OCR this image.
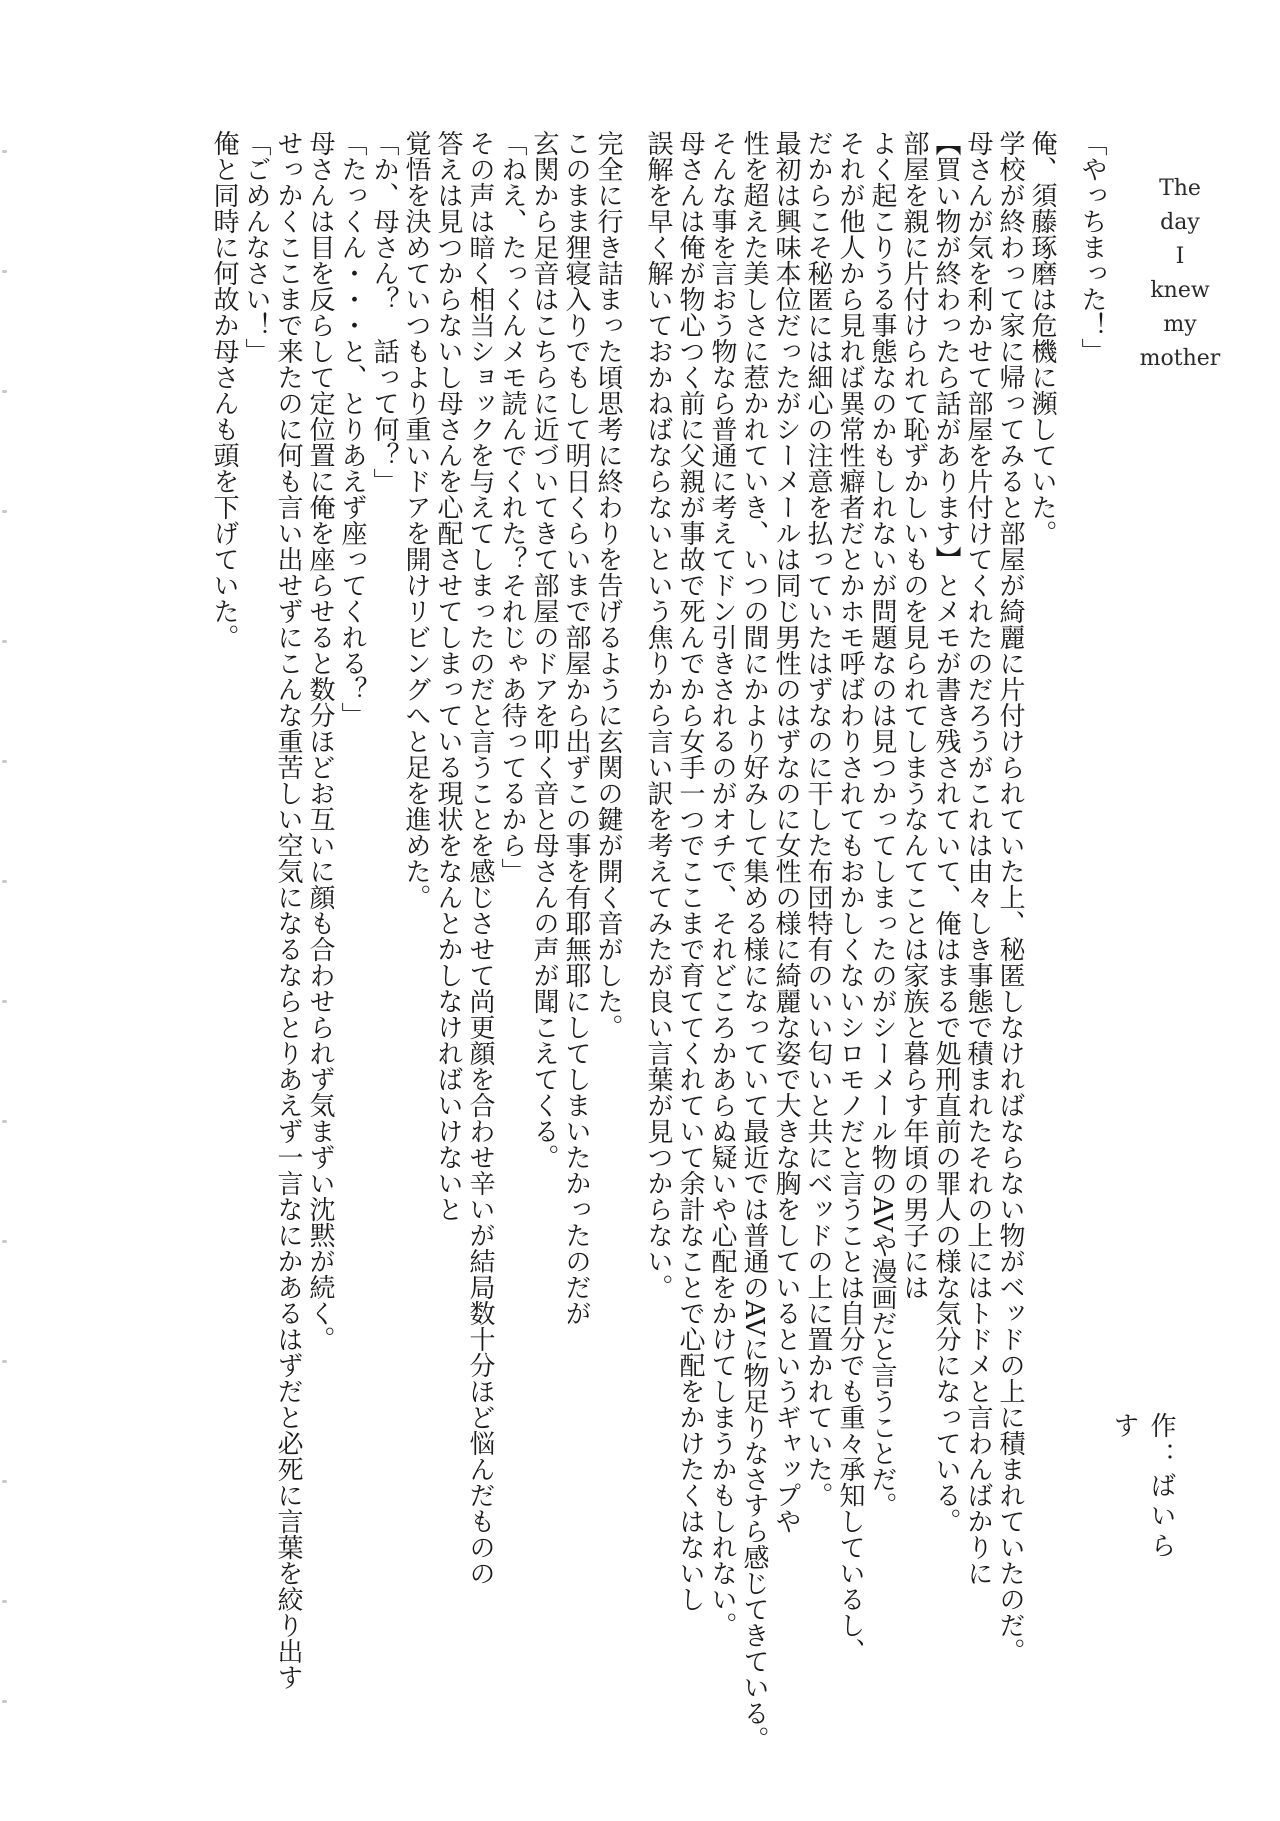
The
day
I
knew
my
mother
作：ばいらす

「やっちまった！」

俺、須藤琢磨は危機に瀕していた。

学校が終わって家に帰ってみると部屋が綺麗に片付けられていた上、秘匿しなければならない物がベッドの上に積まれていたのだ。

母さんが気を利かせて部屋を片付けてくれたのだろうがこれは由々しき事態で積まれたそれの上にはトドメと言わんばかりに

【買い物が終わったら話があります】とメモが書き残されていて、俺はまるで処刑直前の罪人の様な気分になっている。

部屋を親に片付けられて恥ずかしいものを見られてしまうなんてことは家族と暮らす年頃の男子には

よく起こりうる事態なのかもしれないが問題なのは見つかってしまったのがシーメール物のAVや漫画だと言うことだ。

それが他人から見れば異常性癖者だとかホモ呼ばわりされてもおかしくないシロモノだと言うことは自分でも重々承知しているし、

だからこそ秘匿には細心の注意を払っていたはずなのに干した布団特有のいい匂いと共にベッドの上に置かれていた。

最初は興味本位だったがシーメールは同じ男性のはずなのに女性の様に綺麗な姿で大きな胸をしているというギャップや

性を超えた美しさに惹かれていき、いつの間にかより好みして集める様になっていて最近では普通のAVに物足りなさすら感じてきている。

そんな事を言おう物なら普通に考えてドン引きされるのがオチで、それどころかあらぬ疑いや心配をかけてしまうかもしれない。

母さんは俺が物心つく前に父親が事故で死んでから女手一つでここまで育ててくれていて余計なことで心配をかけたくはないし

誤解を早く解いておかねばならないという焦りから言い訳を考えてみたが良い言葉が見つからない。

完全に行き詰まった頃思考に終わりを告げるように玄関の鍵が開く音がした。

このまま狸寝入りでもして明日くらいまで部屋から出ずこの事を有耶無耶にしてしまいたかったのだが

玄関から足音はこちらに近づいてきて部屋のドアを叩く音と母さんの声が聞こえてくる。

「ねえ、たっくんメモ読んでくれた？それじゃあ待ってるから」

その声は暗く相当ショックを与えてしまったのだと言うことを感じさせて尚更顔を合わせ辛いが結局数十分ほど悩んだものの

答えは見つからないし母さんを心配させてしまっている現状をなんとかしなければいけないと

覚悟を決めていつもより重いドアを開けリビングへと足を進めた。

「か、母さん？　話って何？」

「たっくん・・・と、とりあえず座ってくれる？」

母さんは目を反らして定位置に俺を座らせると数分ほどお互いに顔も合わせられず気まずい沈黙が続く。

せっかくここまで来たのに何も言い出せずにこんな重苦しい空気になるならとりあえず一言なにかあるはずだと必死に言葉を絞り出す

「ごめんなさい！」

俺と同時に何故か母さんも頭を下げていた。
